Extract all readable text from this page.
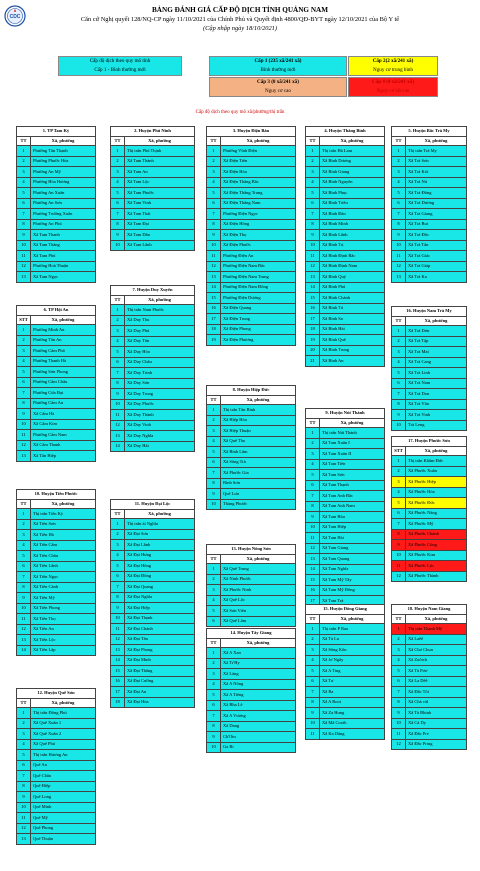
CDC
BẢNG ĐÁNH GIÁ CẤP ĐỘ DỊCH TỈNH QUẢNG NAM
Căn cứ Nghị quyết 128/NQ-CP ngày 11/10/2021 của Chính Phủ và Quyết định 4800/QĐ-BYT ngày 12/10/2021 của Bộ Y tế
(Cập nhập ngày 18/10/2021)
Cấp độ dịch theo quy mô tỉnh
Cấp 1 - Bình thường mới
Cấp 1 (235 xã/241 xã)
Bình thường mới
Cấp 2(2 xã/241 xã)
Nguy cơ trung bình
Cấp 3 (0 xã/241 xã)
Nguy cơ cao
Cấp 4 (4 xã/241 xã)
Nguy cơ rất cao
Cấp độ dịch theo quy mô xã/phường/thị trấn
1. TP Tam Kỳ	
TT	Xã, phường
1	Phường Tân Thạnh
2	Phường Phước Hòa
3	Phường An Mỹ
4	Phường Hòa Hương
5	Phường An Xuân
6	Phường An Sơn
7	Phường Trường Xuân
8	Phường An Phú
9	Xã Tam Thanh
10	Xã Tam Thăng
11	Xã Tam Phú
12	Phường Hoà Thuận
13	Xã Tam Ngọc
6. TP Hội An	
STT	Xã, phường
1	Phường Minh An
2	Phường Tân An
3	Phường Cẩm Phô
4	Phường Thanh Hà
5	Phường Sơn Phong
6	Phường Cẩm Châu
7	Phường Cửa Đại
8	Phường Cẩm An
9	Xã Cẩm Hà
10	Xã Cẩm Kim
11	Phường Cẩm Nam
12	Xã Cẩm Thanh
13	Xã Tân Hiệp
10. Huyện Tiên Phước	
TT	Xã, phường
1	Thị trấn Tiên Kỳ
2	Xã Tiên Sơn
3	Xã Tiên Hà
4	Xã Tiên Cẩm
5	Xã Tiên Châu
6	Xã Tiên Lãnh
7	Xã Tiên Ngọc
8	Xã Tiên Cảnh
9	Xã Tiên Mỹ
10	Xã Tiên Phong
11	Xã Tiên Thọ
12	Xã Tiên An
13	Xã Tiên Lộc
14	Xã Tiên Lập
12. Huyện Quế Sơn	
TT	Xã, phường
1	Thị trấn Đông Phú
2	Xã Quế Xuân 1
3	Xã Quế Xuân 2
4	Xã Quế Phú
5	Thị trấn Hương An
6	Quế An
7	Quế Châu
8	Quế Hiệp
9	Quế Long
10	Quế Minh
11	Quế Mỹ
12	Quế Phong
13	Quế Thuận
2. Huyện Phú Ninh	
TT	Xã, phường
1	Thị trấn Phú Thịnh
2	Xã Tam Thành
3	Xã Tam An
4	Xã Tam Lộc
5	Xã Tam Phước
6	Xã Tam Vinh
7	Xã Tam Thái
8	Xã Tam Đại
9	Xã Tam Dân
10	Xã Tam Lãnh
7. Huyện Duy Xuyên	
TT	Xã, phường
1	Thị trấn Nam Phước
2	Xã Duy Thu
3	Xã Duy Phú
4	Xã Duy Tân
5	Xã Duy Hòa
6	Xã Duy Châu
7	Xã Duy Trinh
8	Xã Duy Sơn
9	Xã Duy Trung
10	Xã Duy Phước
11	Xã Duy Thành
12	Xã Duy Vinh
13	Xã Duy Nghĩa
14	Xã Duy Hải
11. Huyện Đại Lộc	
TT	Xã, phường
1	Thị trấn ái Nghĩa
2	Xã Đại Sơn
3	Xã Đại Lãnh
4	Xã Đại Hưng
5	Xã Đại Hồng
6	Xã Đại Đồng
7	Xã Đại Quang
8	Xã Đại Nghĩa
9	Xã Đại Hiệp
10	Xã Đại Thạnh
11	Xã Đại Chánh
12	Xã Đại Tân
13	Xã Đại Phong
14	Xã Đại Minh
15	Xã Đại Thắng
16	Xã Đại Cường
17	Xã Đại An
18	Xã Đại Hòa
3. Huyện Điện Bàn	
TT	Xã, phường
1	Phường Vĩnh Điện
2	Xã Điện Tiến
3	Xã Điện Hòa
4	Xã Điện Thắng Bắc
5	Xã Điện Thắng Trung
6	Xã Điện Thắng Nam
7	Phường Điện Ngọc
8	Xã Điện Hồng
9	Xã Điện Thọ
10	Xã Điện Phước
11	Phường Điện An
12	Phường Điện Nam Bắc
13	Phường Điện Nam Trung
14	Phường Điện Nam Đông
15	Phường Điện Dương
16	Xã Điện Quang
17	Xã Điện Trung
18	Xã Điện Phong
19	Xã Điện Phương
8. Huyện Hiệp Đức	
TT	Xã, phường
1	Thị trấn Tân Bình
2	Xã Hiệp Hòa
3	Xã Hiệp Thuận
4	Xã Quế Thọ
5	Xã Bình Lâm
6	Xã Sông Trà
7	Xã Phước Gia
8	Bình Sơn
9	Quế Lưu
10	Thăng Phước
13. Huyện Nông Sơn	
TT	Xã, phường
1	Xã Quế Trung
2	Xã Ninh Phước
3	Xã Phước Ninh
4	Xã Quế Lộc
5	Xã Sơn Viên
6	Xã Quế Lâm
14. Huyện Tây Giang	
TT	Xã, phường
1	Xã A Xan
2	Xã Tr'Hy
3	Xã Lăng
4	Xã A Nông
5	Xã A Tiêng
6	Xã Bha Lê
7	Xã A Vương
8	Xã Dang
9	Ch'Ơm
10	Ga Ri
4. Huyện Thăng Bình	
TT	Xã, phường
1	Thị trấn Hà Lam
2	Xã Bình Dương
3	Xã Bình Giang
4	Xã Bình Nguyên
5	Xã Bình Phục
6	Xã Bình Triều
7	Xã Bình Đào
8	Xã Bình Minh
9	Xã Bình Lãnh
10	Xã Bình Trị
11	Xã Bình Định Bắc
12	Xã Bình Định Nam
13	Xã Bình Quý
14	Xã Bình Phú
15	Xã Bình Chánh
16	Xã Bình Tú
17	Xã Bình Sa
18	Xã Bình Hải
19	Xã Bình Quế
20	Xã Bình Trung
21	Xã Bình An
9. Huyện Núi Thành	
TT	Xã, phường
1	Thị trấn Núi Thành
2	Xã Tam Xuân I
3	Xã Tam Xuân II
4	Xã Tam Tiến
5	Xã Tam Sơn
6	Xã Tam Thạnh
7	Xã Tam Anh Bắc
8	Xã Tam Anh Nam
9	Xã Tam Hòa
10	Xã Tam Hiệp
11	Xã Tam Hải
12	Xã Tam Giang
13	Xã Tam Quang
14	Xã Tam Nghĩa
15	Xã Tam Mỹ Tây
16	Xã Tam Mỹ Đông
17	Xã Tam Trà
15. Huyện Đông Giang	
TT	Xã, phường
1	Thị trấn P Rao
2	Xã Tà Lu
3	Xã Sông Kôn
4	Xã Jơ Ngây
5	Xã A Ting
6	Xã Tư
7	Xã Ba
8	Xã A Rooi
9	Xã Za Hung
10	Xã Mã Cooih
11	Xã Ka Dăng
5. Huyện Bắc Trà My	
TT	Xã, phường
1	Thị trấn Trà My
2	Xã Trà Sơn
3	Xã Trà Kót
4	Xã Trà Nú
5	Xã Trà Đông
6	Xã Trà Dương
7	Xã Trà Giang
8	Xã Trà Bui
9	Xã Trà Đốc
10	Xã Trà Tân
11	Xã Trà Giác
12	Xã Trà Giáp
13	Xã Trà Ka
16. Huyện Nam Trà My	
TT	Xã, phường
1	Xã Trà Dơn
2	Xã Trà Tập
3	Xã Trà Mai
4	Xã Trà Cang
5	Xã Trà Linh
6	Xã Trà Nam
7	Xã Trà Don
8	Xã Trà Vân
9	Xã Trà Vinh
10	Trà Leng
17. Huyện Phước Sơn	
STT	Xã, phường
1	Thị trấn Khâm Đức
2	Xã Phước Xuân
3	Xã Phước Hiệp
4	Xã Phước Hòa
5	Xã Phước Đức
6	Xã Phước Năng
7	Xã Phước Mỹ
8	Xã Phước Chánh
9	Xã Phước Công
10	Xã Phước Kim
11	Xã Phước Lộc
12	Xã Phước Thành
18. Huyện Nam Giang	
TT	Xã, phường
1	Thị trấn Thạnh Mỹ
2	Xã Laêê
3	Xã Chơ Chun
4	Xã Zuôich
5	Xã Tà Pơơ
6	Xã La Dêê
7	Xã Đắc Tôi
8	Xã Chà vàl
9	Xã Tà Bhinh
10	Xã Cà Dy
11	Xã Đắc Pre
12	Xã Đắc Pring
